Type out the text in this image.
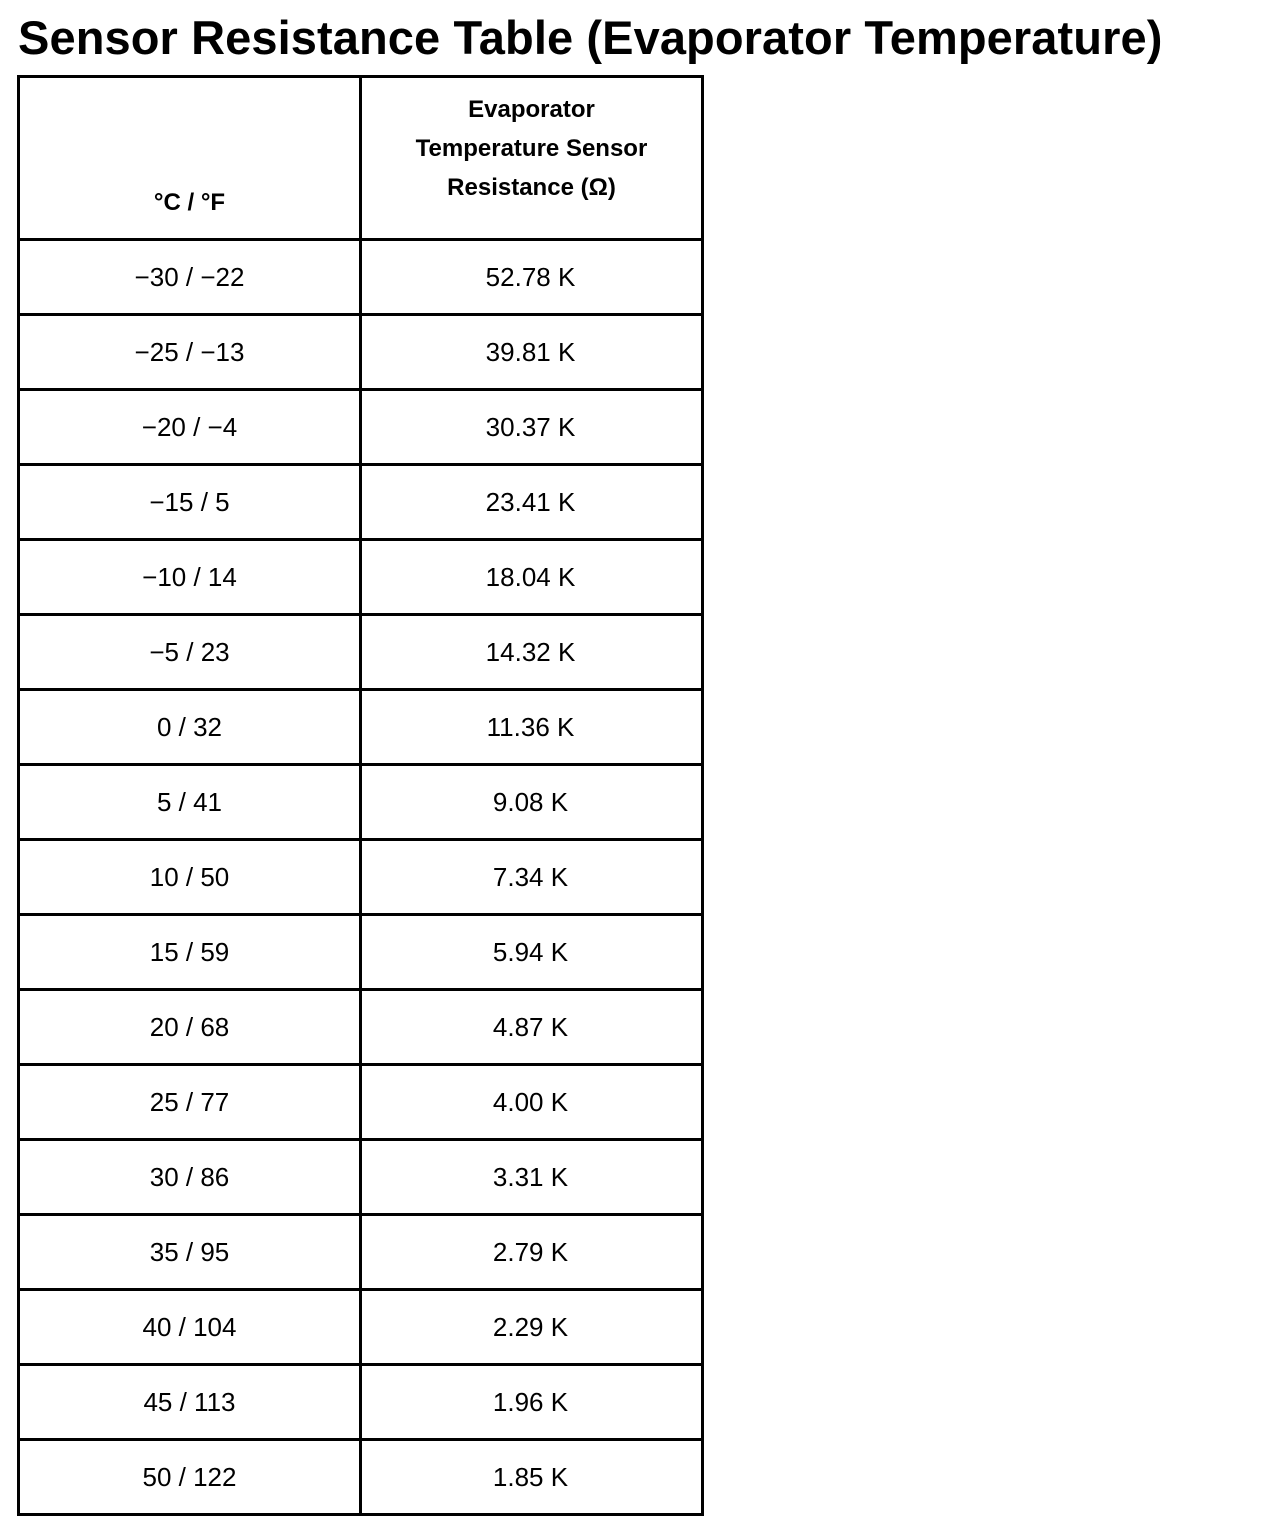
Sensor Resistance Table (Evaporator Temperature)
°C / °F	Evaporator
Temperature Sensor
Resistance (Ω)
−30 / −22	52.78 K
−25 / −13	39.81 K
−20 / −4	30.37 K
−15 / 5	23.41 K
−10 / 14	18.04 K
−5 / 23	14.32 K
0 / 32	11.36 K
5 / 41	9.08 K
10 / 50	7.34 K
15 / 59	5.94 K
20 / 68	4.87 K
25 / 77	4.00 K
30 / 86	3.31 K
35 / 95	2.79 K
40 / 104	2.29 K
45 / 113	1.96 K
50 / 122	1.85 K
